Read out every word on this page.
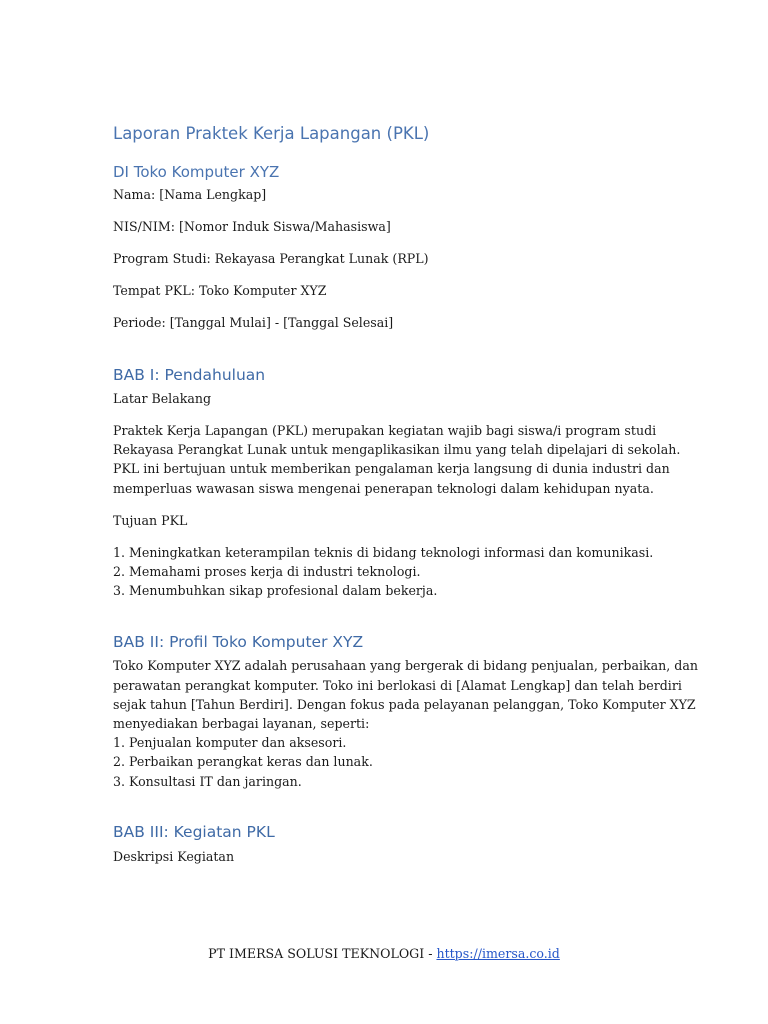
Laporan Praktek Kerja Lapangan (PKL)
DI Toko Komputer XYZ

Nama: [Nama Lengkap]

NIS/NIM: [Nomor Induk Siswa/Mahasiswa]

Program Studi: Rekayasa Perangkat Lunak (RPL)

Tempat PKL: Toko Komputer XYZ

Periode: [Tanggal Mulai] - [Tanggal Selesai]

BAB I: Pendahuluan

Latar Belakang

Praktek Kerja Lapangan (PKL) merupakan kegiatan wajib bagi siswa/i program studi

Rekayasa Perangkat Lunak untuk mengaplikasikan ilmu yang telah dipelajari di sekolah.

PKL ini bertujuan untuk memberikan pengalaman kerja langsung di dunia industri dan

memperluas wawasan siswa mengenai penerapan teknologi dalam kehidupan nyata.

Tujuan PKL

1. Meningkatkan keterampilan teknis di bidang teknologi informasi dan komunikasi.

2. Memahami proses kerja di industri teknologi.

3. Menumbuhkan sikap profesional dalam bekerja.

BAB II: Profil Toko Komputer XYZ

Toko Komputer XYZ adalah perusahaan yang bergerak di bidang penjualan, perbaikan, dan

perawatan perangkat komputer. Toko ini berlokasi di [Alamat Lengkap] dan telah berdiri

sejak tahun [Tahun Berdiri]. Dengan fokus pada pelayanan pelanggan, Toko Komputer XYZ

menyediakan berbagai layanan, seperti:

1. Penjualan komputer dan aksesori.

2. Perbaikan perangkat keras dan lunak.

3. Konsultasi IT dan jaringan.

BAB III: Kegiatan PKL

Deskripsi Kegiatan

PT IMERSA SOLUSI TEKNOLOGI - https://imersa.co.id
